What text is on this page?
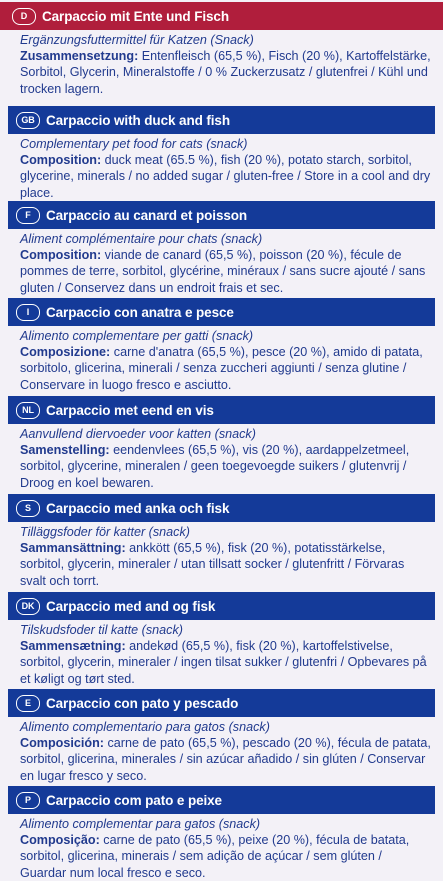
D	Carpaccio mit Ente und Fisch
Ergänzungsfuttermittel für Katzen (Snack)
Zusammensetzung: Entenfleisch (65,5 %), Fisch (20 %), Kartoffelstärke, Sorbitol, Glycerin, Mineralstoffe / 0 % Zuckerzusatz / glutenfrei / Kühl und trocken lagern.
GB Carpaccio with duck and fish
Complementary pet food for cats (snack)
Composition: duck meat (65.5 %), fish (20 %), potato starch, sorbitol, glycerine, minerals / no added sugar / gluten-free / Store in a cool and dry place.
F	Carpaccio au canard et poisson
Aliment complémentaire pour chats (snack)
Composition: viande de canard (65,5 %), poisson (20 %), fécule de pommes de terre, sorbitol, glycérine, minéraux / sans sucre ajouté / sans gluten / Conservez dans un endroit frais et sec.
I	Carpaccio con anatra e pesce
Alimento complementare per gatti (snack)
Composizione: carne d'anatra (65,5 %), pesce (20 %), amido di patata, sorbitolo, glicerina, minerali / senza zuccheri aggiunti / senza glutine / Conservare in luogo fresco e asciutto.
NL Carpaccio met eend en vis
Aanvullend diervoeder voor katten (snack)
Samenstelling: eendenvlees (65,5 %), vis (20 %), aardappelzetmeel, sorbitol, glycerine, mineralen / geen toegevoegde suikers / glutenvrij / Droog en koel bewaren.
S	Carpaccio med anka och fisk
Tilläggsfoder för katter (snack)
Sammansättning: ankkött (65,5 %), fisk (20 %), potatisstärkelse, sorbitol, glycerin, mineraler / utan tillsatt socker / glutenfritt / Förvaras svalt och torrt.
DK Carpaccio med and og fisk
Tilskudsfoder til katte (snack)
Sammensætning: andekød (65,5 %), fisk (20 %), kartoffelstivelse, sorbitol, glycerin, mineraler / ingen tilsat sukker / glutenfri / Opbevares på et køligt og tørt sted.
E	Carpaccio con pato y pescado
Alimento complementario para gatos (snack)
Composición: carne de pato (65,5 %), pescado (20 %), fécula de patata, sorbitol, glicerina, minerales / sin azúcar añadido / sin glúten / Conservar en lugar fresco y seco.
P	Carpaccio com pato e peixe
Alimento complementar para gatos (snack)
Composição: carne de pato (65,5 %), peixe (20 %), fécula de batata, sorbitol, glicerina, minerais / sem adição de açúcar / sem glúten / Guardar num local fresco e seco.
